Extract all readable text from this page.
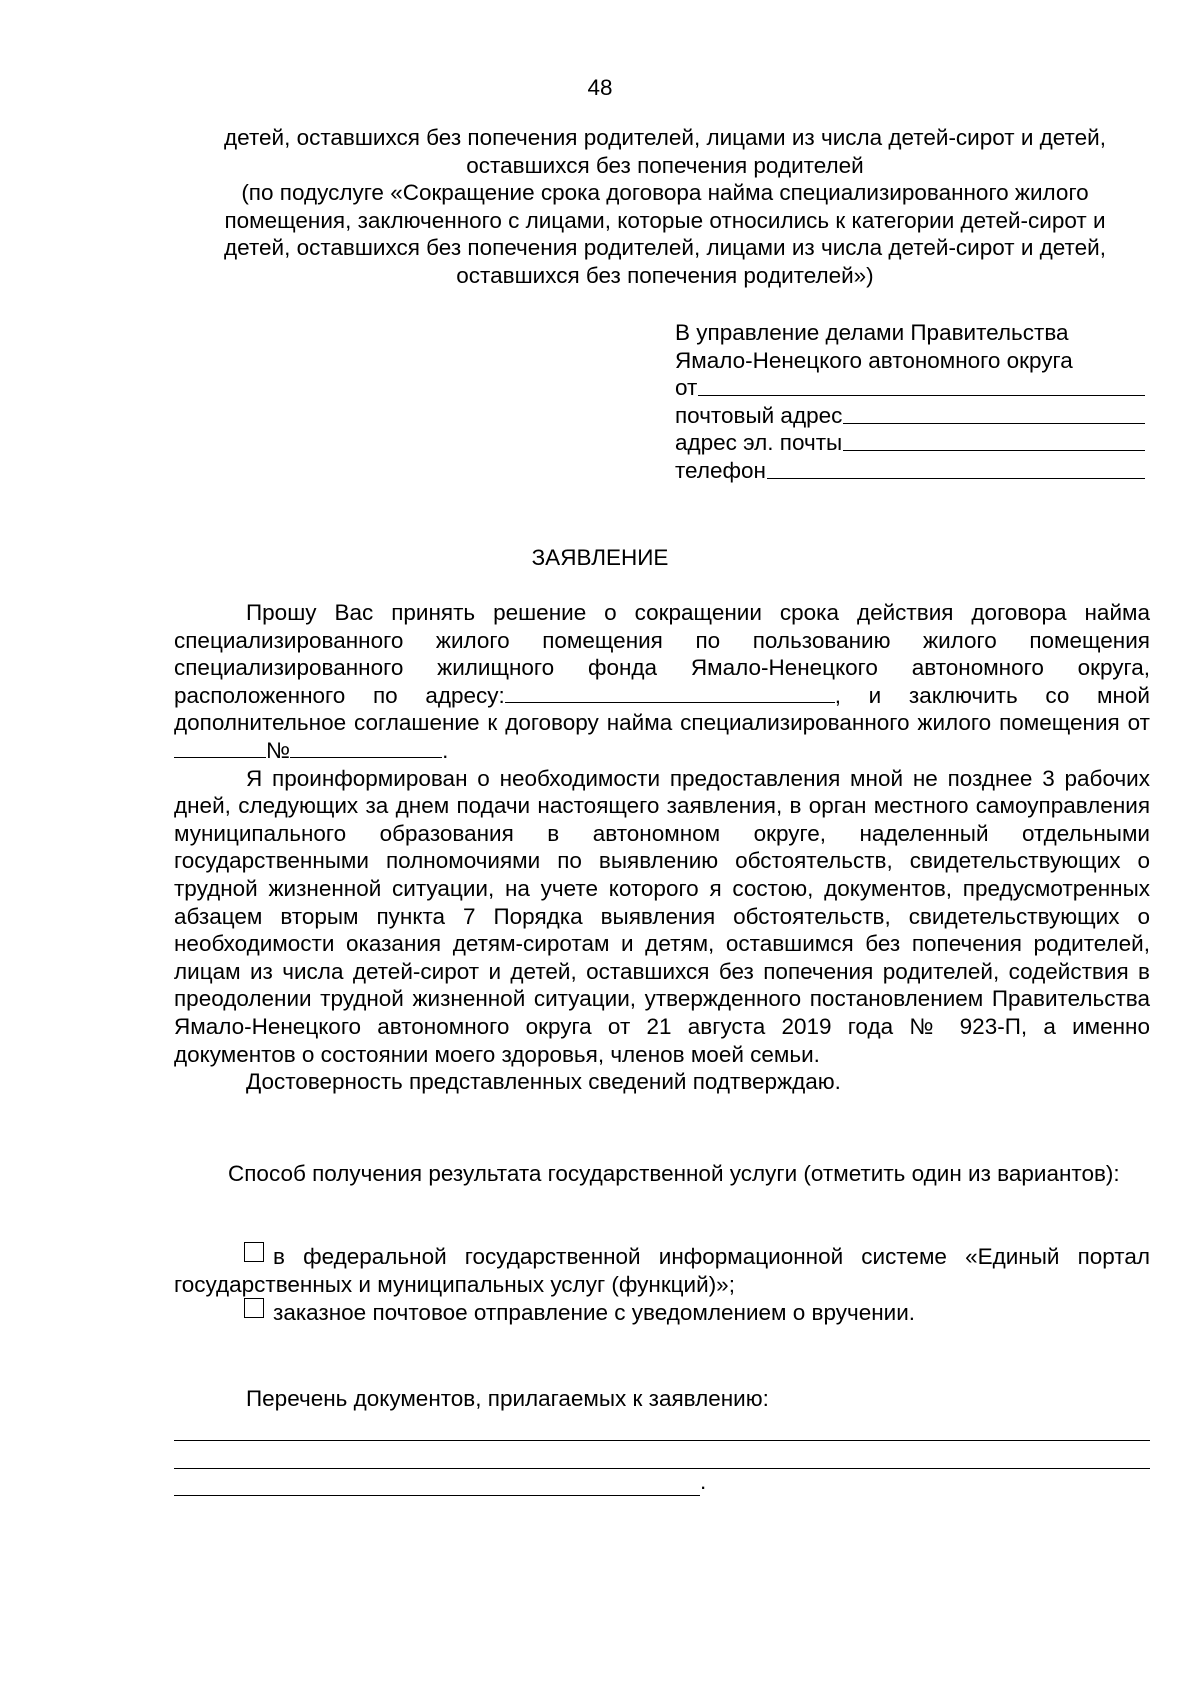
48

детей, оставшихся без попечения родителей, лицами из числа детей-сирот и детей,

оставшихся без попечения родителей

(по подуслуге «Сокращение срока договора найма специализированного жилого

помещения, заключенного с лицами, которые относились к категории детей-сирот и

детей, оставшихся без попечения родителей, лицами из числа детей-сирот и детей,

оставшихся без попечения родителей»)

В управление делами Правительства
Ямало-Ненецкого автономного округа
от
почтовый адрес
адрес эл. почты
телефон
ЗАЯВЛЕНИЕ

Прошу Вас принять решение о сокращении срока действия договора найма специализированного жилого помещения по пользованию жилого помещения специализированного жилищного фонда Ямало-Ненецкого автономного округа, расположенного по адресу:	, и заключить со мной дополнительное соглашение к договору найма специализированного жилого помещения от №	.

Я проинформирован о необходимости предоставления мной не позднее 3 рабочих дней, следующих за днем подачи настоящего заявления, в орган местного самоуправления муниципального образования в автономном округе, наделенный отдельными государственными полномочиями по выявлению обстоятельств, свидетельствующих о трудной жизненной ситуации, на учете которого я состою, документов, предусмотренных абзацем вторым пункта 7 Порядка выявления обстоятельств, свидетельствующих о необходимости оказания детям-сиротам и детям, оставшимся без попечения родителей, лицам из числа детей-сирот и детей, оставшихся без попечения родителей, содействия в преодолении трудной жизненной ситуации, утвержденного постановлением Правительства Ямало-Ненецкого автономного округа от 21 августа 2019 года № 923-П, а именно документов о состоянии моего здоровья, членов моей семьи.

Достоверность представленных сведений подтверждаю.

Способ получения результата государственной услуги (отметить один из вариантов):

в федеральной государственной информационной системе «Единый портал государственных и муниципальных услуг (функций)»;

заказное почтовое отправление с уведомлением о вручении.

Перечень документов, прилагаемых к заявлению:

.
